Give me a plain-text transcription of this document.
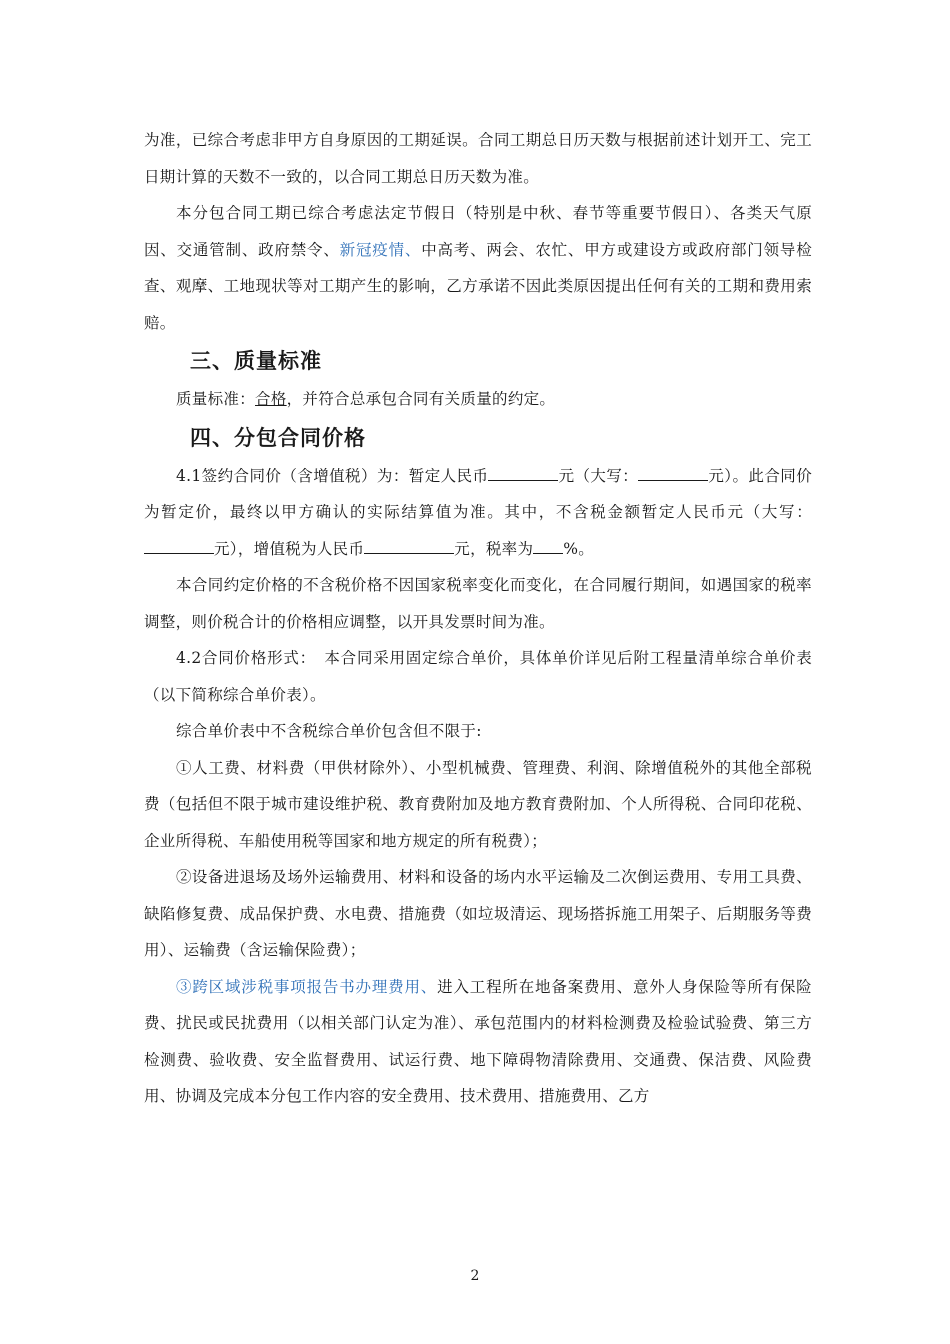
为准，已综合考虑非甲方自身原因的工期延误。合同工期总日历天数与根据前述计划开工、完工日期计算的天数不一致的，以合同工期总日历天数为准。

本分包合同工期已综合考虑法定节假日（特别是中秋、春节等重要节假日）、各类天气原因、交通管制、政府禁令、新冠疫情、中高考、两会、农忙、甲方或建设方或政府部门领导检查、观摩、工地现状等对工期产生的影响，乙方承诺不因此类原因提出任何有关的工期和费用索赔。

三、质量标准

质量标准：合格，并符合总承包合同有关质量的约定。

四、分包合同价格

4.1签约合同价（含增值税）为：暂定人民币	元（大写：	元）。此合同价为暂定价，最终以甲方确认的实际结算值为准。其中，不含税金额暂定人民币元（大写：元），增值税为人民币	元，税率为 %。

本合同约定价格的不含税价格不因国家税率变化而变化，在合同履行期间，如遇国家的税率调整，则价税合计的价格相应调整，以开具发票时间为准。

4.2合同价格形式：　本合同采用固定综合单价，具体单价详见后附工程量清单综合单价表（以下简称综合单价表）。

综合单价表中不含税综合单价包含但不限于:

①人工费、材料费（甲供材除外）、小型机械费、管理费、利润、除增值税外的其他全部税费（包括但不限于城市建设维护税、教育费附加及地方教育费附加、个人所得税、合同印花税、企业所得税、车船使用税等国家和地方规定的所有税费）；

②设备进退场及场外运输费用、材料和设备的场内水平运输及二次倒运费用、专用工具费、缺陷修复费、成品保护费、水电费、措施费（如垃圾清运、现场搭拆施工用架子、后期服务等费用）、运输费（含运输保险费）；

③跨区域涉税事项报告书办理费用、进入工程所在地备案费用、意外人身保险等所有保险费、扰民或民扰费用（以相关部门认定为准）、承包范围内的材料检测费及检验试验费、第三方检测费、验收费、安全监督费用、试运行费、地下障碍物清除费用、交通费、保洁费、风险费用、协调及完成本分包工作内容的安全费用、技术费用、措施费用、乙方

2
